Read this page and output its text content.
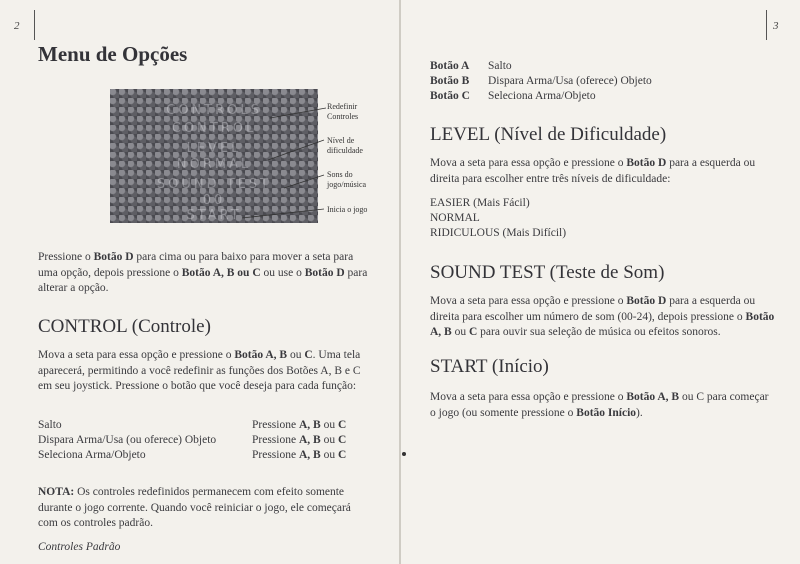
2
Menu de Opções
CONTROLS
CONTROL
LEVEL
NORMAL
SOUND TEST
00
START
Redefinir Controles
Nível de dificuldade
Sons do jogo/música
Inicia o jogo

Pressione o Botão D para cima ou para baixo para mover a seta para uma opção, depois pressione o Botão A, B ou C ou use o Botão D para alterar a opção.

CONTROL (Controle)

Mova a seta para essa opção e pressione o Botão A, B ou C. Uma tela aparecerá, permitindo a você redefinir as funções dos Botões A, B e C em seu joystick. Pressione o botão que você deseja para cada função:

Salto	Pressione A, B ou C
Dispara Arma/Usa (ou oferece) Objeto	Pressione A, B ou C
Seleciona Arma/Objeto	Pressione A, B ou C

NOTA: Os controles redefinidos permanecem com efeito somente durante o jogo corrente. Quando você reiniciar o jogo, ele começará com os controles padrão.

Controles Padrão
3
Botão A Salto
Botão B Dispara Arma/Usa (oferece) Objeto
Botão C Seleciona Arma/Objeto
LEVEL (Nível de Dificuldade)

Mova a seta para essa opção e pressione o Botão D para a esquerda ou direita para escolher entre três níveis de dificuldade:

EASIER (Mais Fácil)
NORMAL
RIDICULOUS (Mais Difícil)
SOUND TEST (Teste de Som)

Mova a seta para essa opção e pressione o Botão D para a esquerda ou direita para escolher um número de som (00-24), depois pressione o Botão A, B ou C para ouvir sua seleção de música ou efeitos sonoros.

START (Início)

Mova a seta para essa opção e pressione o Botão A, B ou C para começar o jogo (ou somente pressione o Botão Início).
